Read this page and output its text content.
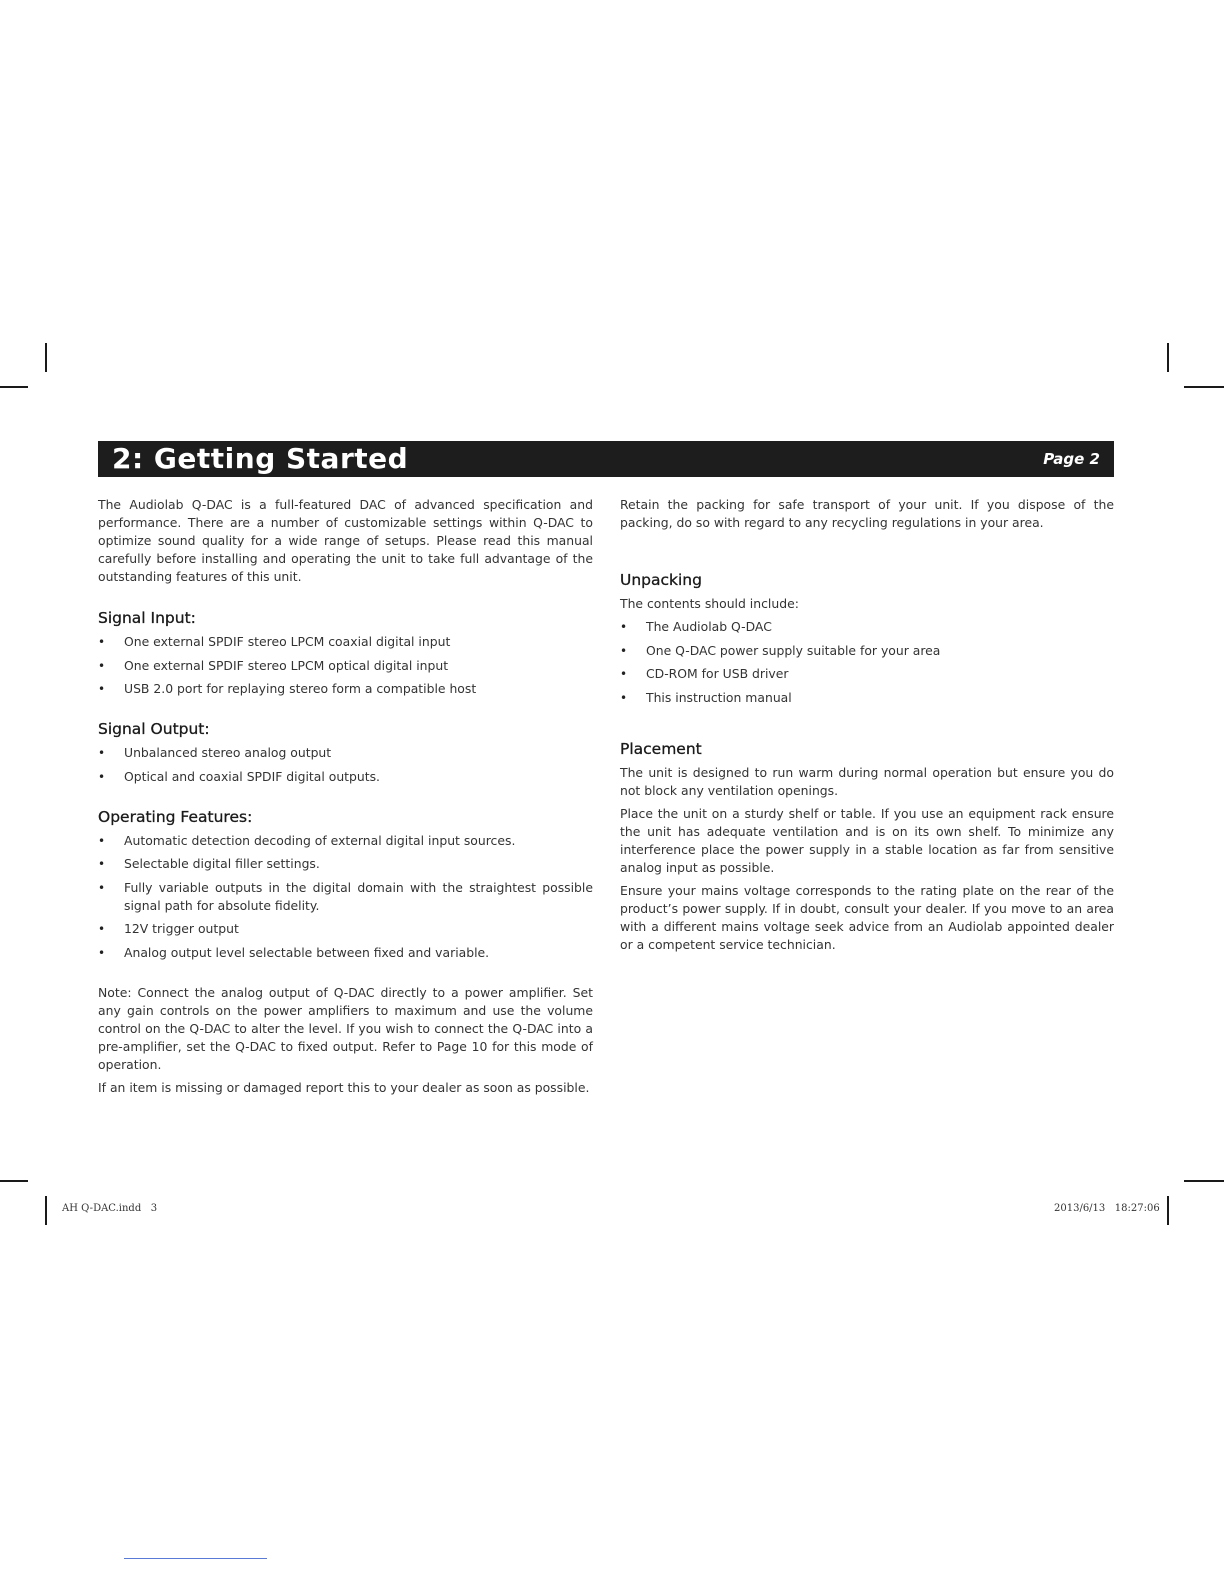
2: Getting Started	Page 2

The Audiolab Q-DAC is a full-featured DAC of advanced specification and performance. There are a number of customizable settings within Q-DAC to optimize sound quality for a wide range of setups. Please read this manual carefully before installing and operating the unit to take full advantage of the outstanding features of this unit.

Signal Input:
• One external SPDIF stereo LPCM coaxial digital input
• One external SPDIF stereo LPCM optical digital input
• USB 2.0 port for replaying stereo form a compatible host
Signal Output:
• Unbalanced stereo analog output
• Optical and coaxial SPDIF digital outputs.
Operating Features:
• Automatic detection decoding of external digital input sources.
• Selectable digital filler settings.
• Fully variable outputs in the digital domain with the straightest possible signal path for absolute fidelity.
• 12V trigger output
• Analog output level selectable between fixed and variable.

Note: Connect the analog output of Q-DAC directly to a power amplifier. Set any gain controls on the power amplifiers to maximum and use the volume control on the Q-DAC to alter the level. If you wish to connect the Q-DAC into a pre-amplifier, set the Q-DAC to fixed output. Refer to Page 10 for this mode of operation.

If an item is missing or damaged report this to your dealer as soon as possible.

Retain the packing for safe transport of your unit. If you dispose of the packing, do so with regard to any recycling regulations in your area.

Unpacking

The contents should include:

• The Audiolab Q-DAC
• One Q-DAC power supply suitable for your area
• CD-ROM for USB driver
• This instruction manual
Placement

The unit is designed to run warm during normal operation but ensure you do not block any ventilation openings.

Place the unit on a sturdy shelf or table. If you use an equipment rack ensure the unit has adequate ventilation and is on its own shelf. To minimize any interference place the power supply in a stable location as far from sensitive analog input as possible.

Ensure your mains voltage corresponds to the rating plate on the rear of the product’s power supply. If in doubt, consult your dealer. If you move to an area with a different mains voltage seek advice from an Audiolab appointed dealer or a competent service technician.

AH Q-DAC.indd   3	2013/6/13   18:27:06
